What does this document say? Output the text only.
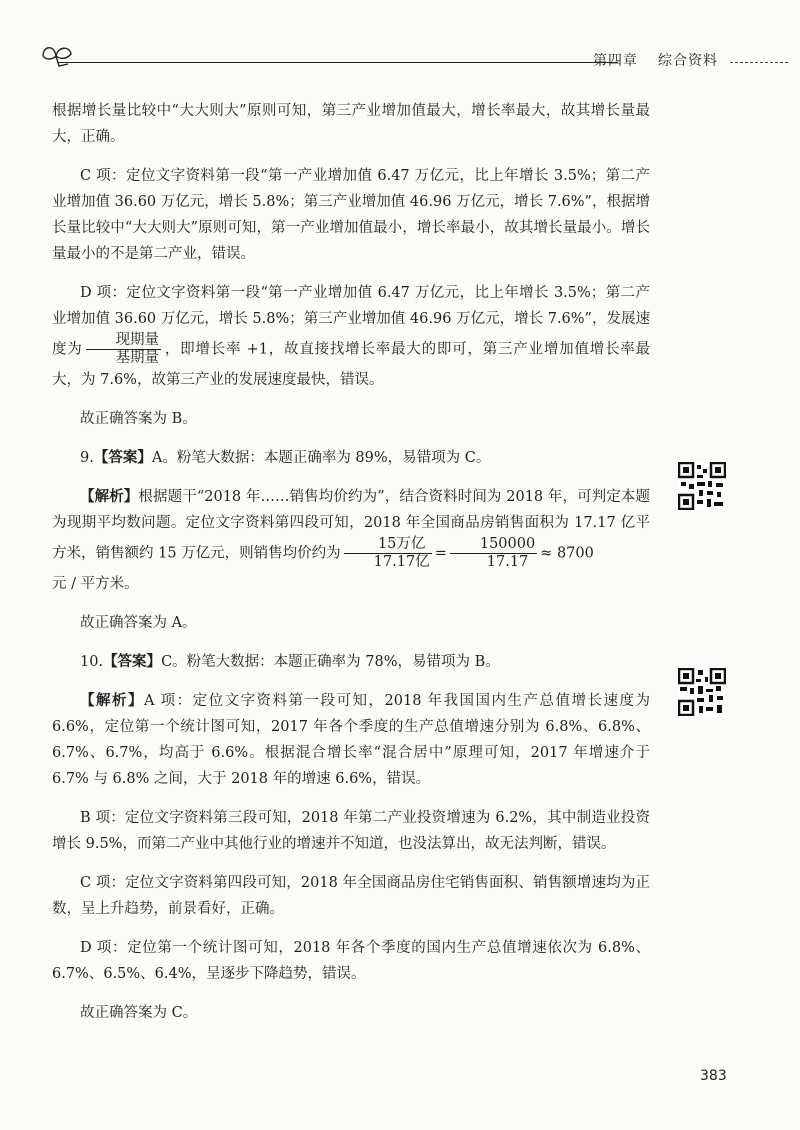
第四章 综合资料

根据增长量比较中“大大则大”原则可知，第三产业增加值最大，增长率最大，故其增长量最大，正确。

C 项：定位文字资料第一段“第一产业增加值 6.47 万亿元，比上年增长 3.5%；第二产业增加值 36.60 万亿元，增长 5.8%；第三产业增加值 46.96 万亿元，增长 7.6%”，根据增长量比较中“大大则大”原则可知，第一产业增加值最小，增长率最小，故其增长量最小。增长量最小的不是第二产业，错误。

D 项：定位文字资料第一段“第一产业增加值 6.47 万亿元，比上年增长 3.5%；第二产业增加值 36.60 万亿元，增长 5.8%；第三产业增加值 46.96 万亿元，增长 7.6%”，发展速度为 $\frac{\text{现期量}}{\text{基期量}}$ ，即增长率 +1，故直接找增长率最大的即可，第三产业增加值增长率最大，为 7.6%，故第三产业的发展速度最快，错误。

故正确答案为 B。

9.【答案】A。粉笔大数据：本题正确率为 89%，易错项为 C。

【解析】根据题干“2018 年……销售均价约为”，结合资料时间为 2018 年，可判定本题为现期平均数问题。定位文字资料第四段可知，2018 年全国商品房销售面积为 17.17 亿平方米，销售额约 15 万亿元，则销售均价约为 $\frac{\text{15万亿}}{\text{17.17亿}} = \frac{150000}{17.17} \approx 8700$
元 / 平方米。

故正确答案为 A。

10.【答案】C。粉笔大数据：本题正确率为 78%，易错项为 B。

【解析】A 项：定位文字资料第一段可知，2018 年我国国内生产总值增长速度为 6.6%，定位第一个统计图可知，2017 年各个季度的生产总值增速分别为 6.8%、6.8%、6.7%、6.7%，均高于 6.6%。根据混合增长率“混合居中”原理可知，2017 年增速介于 6.7% 与 6.8% 之间，大于 2018 年的增速 6.6%，错误。

B 项：定位文字资料第三段可知，2018 年第二产业投资增速为 6.2%，其中制造业投资增长 9.5%，而第二产业中其他行业的增速并不知道，也没法算出，故无法判断，错误。

C 项：定位文字资料第四段可知，2018 年全国商品房住宅销售面积、销售额增速均为正数，呈上升趋势，前景看好，正确。

D 项：定位第一个统计图可知，2018 年各个季度的国内生产总值增速依次为 6.8%、6.7%、6.5%、6.4%，呈逐步下降趋势，错误。

故正确答案为 C。

383
